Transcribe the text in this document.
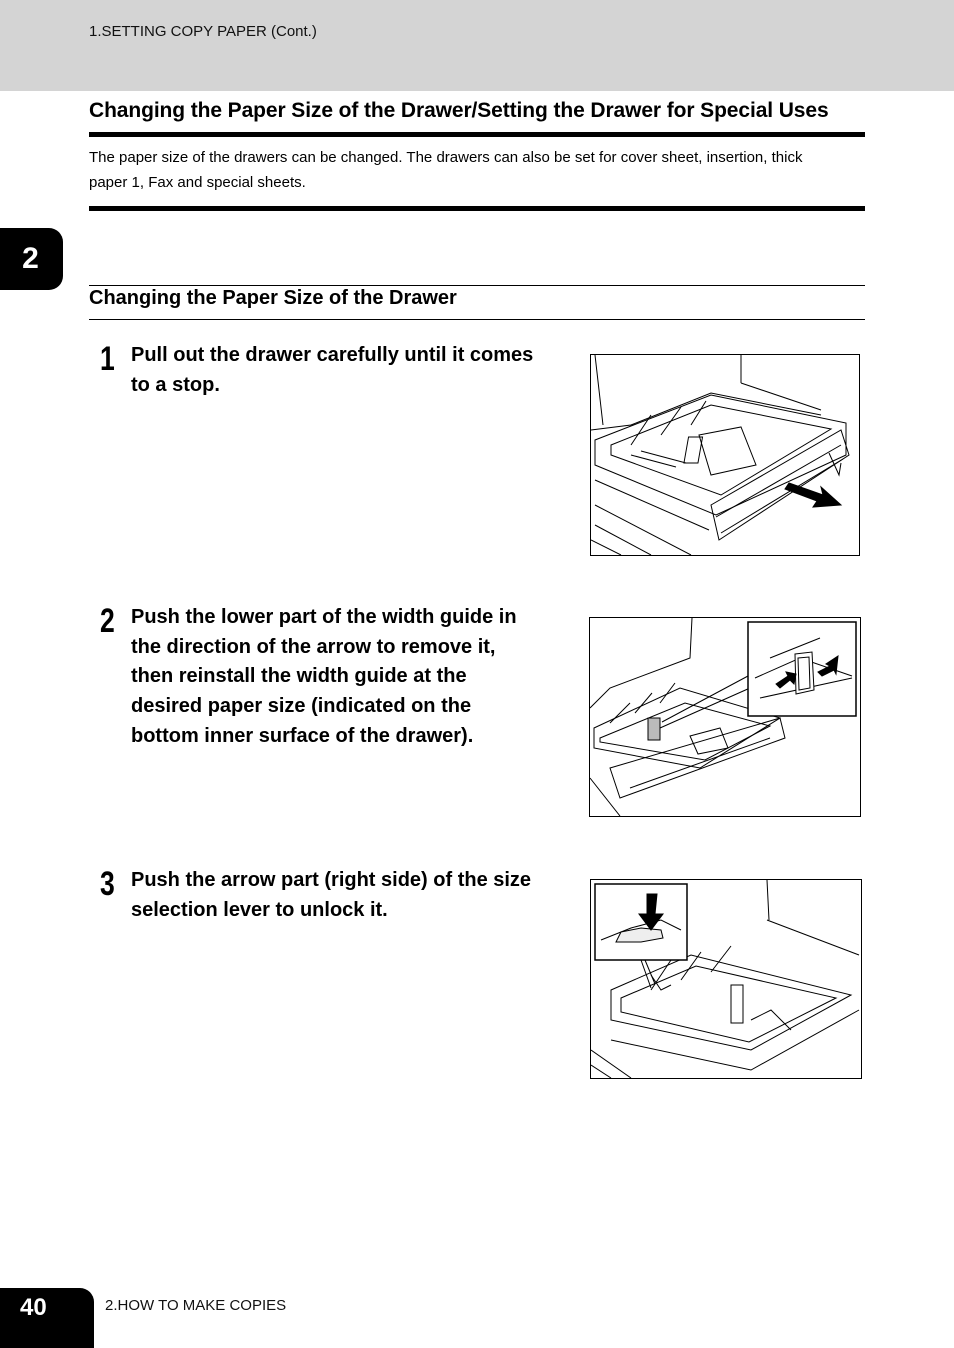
1.SETTING COPY PAPER (Cont.)
Changing the Paper Size of the Drawer/Setting the Drawer for Special Uses
The paper size of the drawers can be changed. The drawers can also be set for cover sheet, insertion, thick
paper 1, Fax and special sheets.
2
Changing the Paper Size of the Drawer
1 Pull out the drawer carefully until it comes
to a stop.
2 Push the lower part of the width guide in
the direction of the arrow to remove it,
then reinstall the width guide at the
desired paper size (indicated on the
bottom inner surface of the drawer).
3 Push the arrow part (right side) of the size
selection lever to unlock it.
40	2.HOW TO MAKE COPIES
